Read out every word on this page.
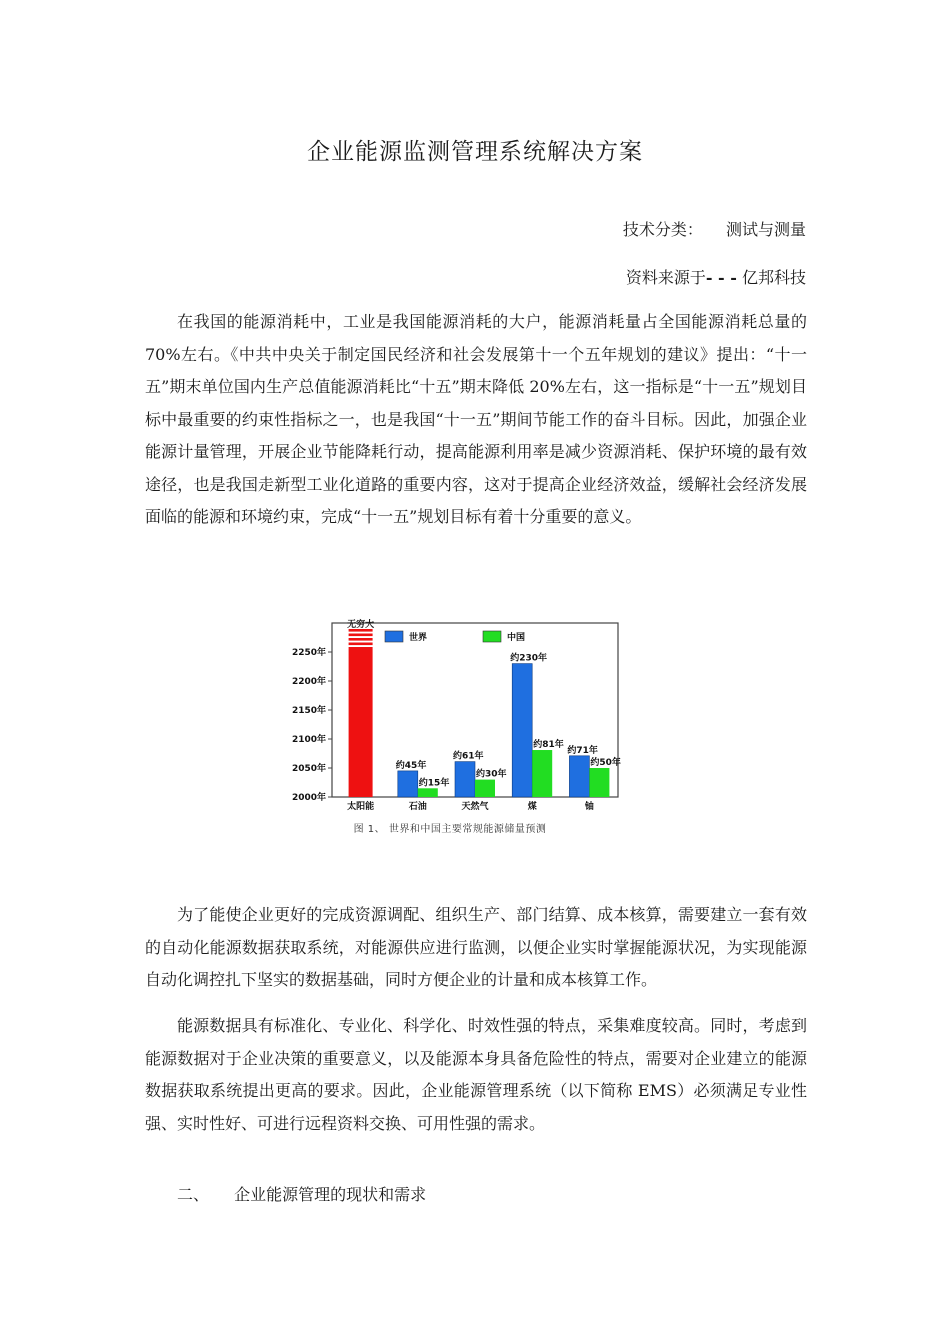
企业能源监测管理系统解决方案
技术分类： 测试与测量
资料来源于- - - 亿邦科技
在我国的能源消耗中，工业是我国能源消耗的大户，能源消耗量占全国能源消耗总量的70%左右。《中共中央关于制定国民经济和社会发展第十一个五年规划的建议》提出：“十一五”期末单位国内生产总值能源消耗比“十五”期末降低 20%左右，这一指标是“十一五”规划目标中最重要的约束性指标之一，也是我国“十一五”期间节能工作的奋斗目标。因此，加强企业能源计量管理，开展企业节能降耗行动，提高能源利用率是减少资源消耗、保护环境的最有效途径，也是我国走新型工业化道路的重要内容，这对于提高企业经济效益，缓解社会经济发展面临的能源和环境约束，完成“十一五”规划目标有着十分重要的意义。
2000年
2050年
2100年
2150年
2200年
2250年
太阳能	石油	天然气	煤	铀
无穷大
约45年
约61年
约230年
约71年
约15年
约30年
约81年
约50年
世界	中国
图 1、 世界和中国主要常规能源储量预测
为了能使企业更好的完成资源调配、组织生产、部门结算、成本核算，需要建立一套有效的自动化能源数据获取系统，对能源供应进行监测，以便企业实时掌握能源状况，为实现能源自动化调控扎下坚实的数据基础，同时方便企业的计量和成本核算工作。
能源数据具有标准化、专业化、科学化、时效性强的特点，采集难度较高。同时，考虑到能源数据对于企业决策的重要意义，以及能源本身具备危险性的特点，需要对企业建立的能源数据获取系统提出更高的要求。因此，企业能源管理系统（以下简称 EMS）必须满足专业性强、实时性好、可进行远程资料交换、可用性强的需求。
二、 企业能源管理的现状和需求
